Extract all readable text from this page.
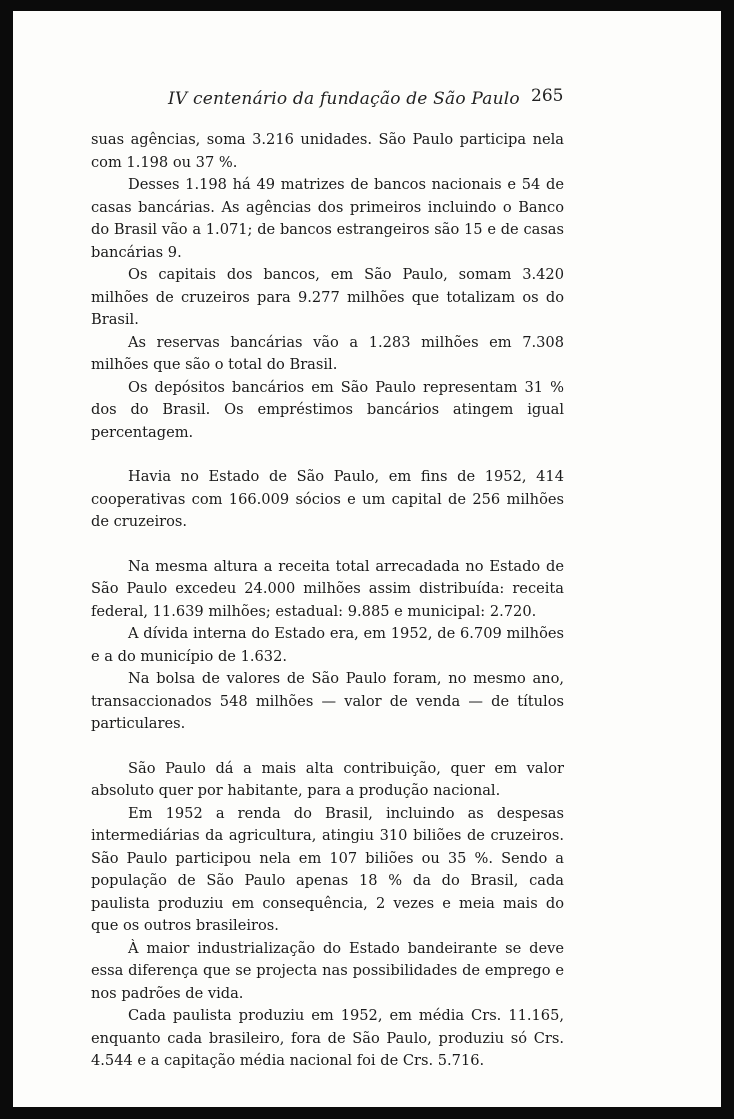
IV centenário da fundação de São Paulo 265

suas agências, soma 3.216 unidades. São Paulo participa nela com 1.198 ou 37 %.

Desses 1.198 há 49 matrizes de bancos nacionais e 54 de casas bancárias. As agências dos primeiros incluindo o Banco do Brasil vão a 1.071; de bancos estrangeiros são 15 e de casas bancárias 9.

Os capitais dos bancos, em São Paulo, somam 3.420 milhões de cruzeiros para 9.277 milhões que totalizam os do Brasil.

As reservas bancárias vão a 1.283 milhões em 7.308 milhões que são o total do Brasil.

Os depósitos bancários em São Paulo representam 31 % dos do Brasil. Os empréstimos bancários atingem igual percentagem.

Havia no Estado de São Paulo, em fins de 1952, 414 cooperativas com 166.009 sócios e um capital de 256 milhões de cruzeiros.

Na mesma altura a receita total arrecadada no Estado de São Paulo excedeu 24.000 milhões assim distribuída: receita federal, 11.639 milhões; estadual: 9.885 e municipal: 2.720.

A dívida interna do Estado era, em 1952, de 6.709 milhões e a do município de 1.632.

Na bolsa de valores de São Paulo foram, no mesmo ano, transaccionados 548 milhões — valor de venda — de títulos particulares.

São Paulo dá a mais alta contribuição, quer em valor absoluto quer por habitante, para a produção nacional.

Em 1952 a renda do Brasil, incluindo as despesas intermediárias da agricultura, atingiu 310 biliões de cruzeiros. São Paulo participou nela em 107 biliões ou 35 %. Sendo a população de São Paulo apenas 18 % da do Brasil, cada paulista produziu em consequência, 2 vezes e meia mais do que os outros brasileiros.

À maior industrialização do Estado bandeirante se deve essa diferença que se projecta nas possibilidades de emprego e nos padrões de vida.

Cada paulista produziu em 1952, em média Crs. 11.165, enquanto cada brasileiro, fora de São Paulo, produziu só Crs. 4.544 e a capitação média nacional foi de Crs. 5.716.
